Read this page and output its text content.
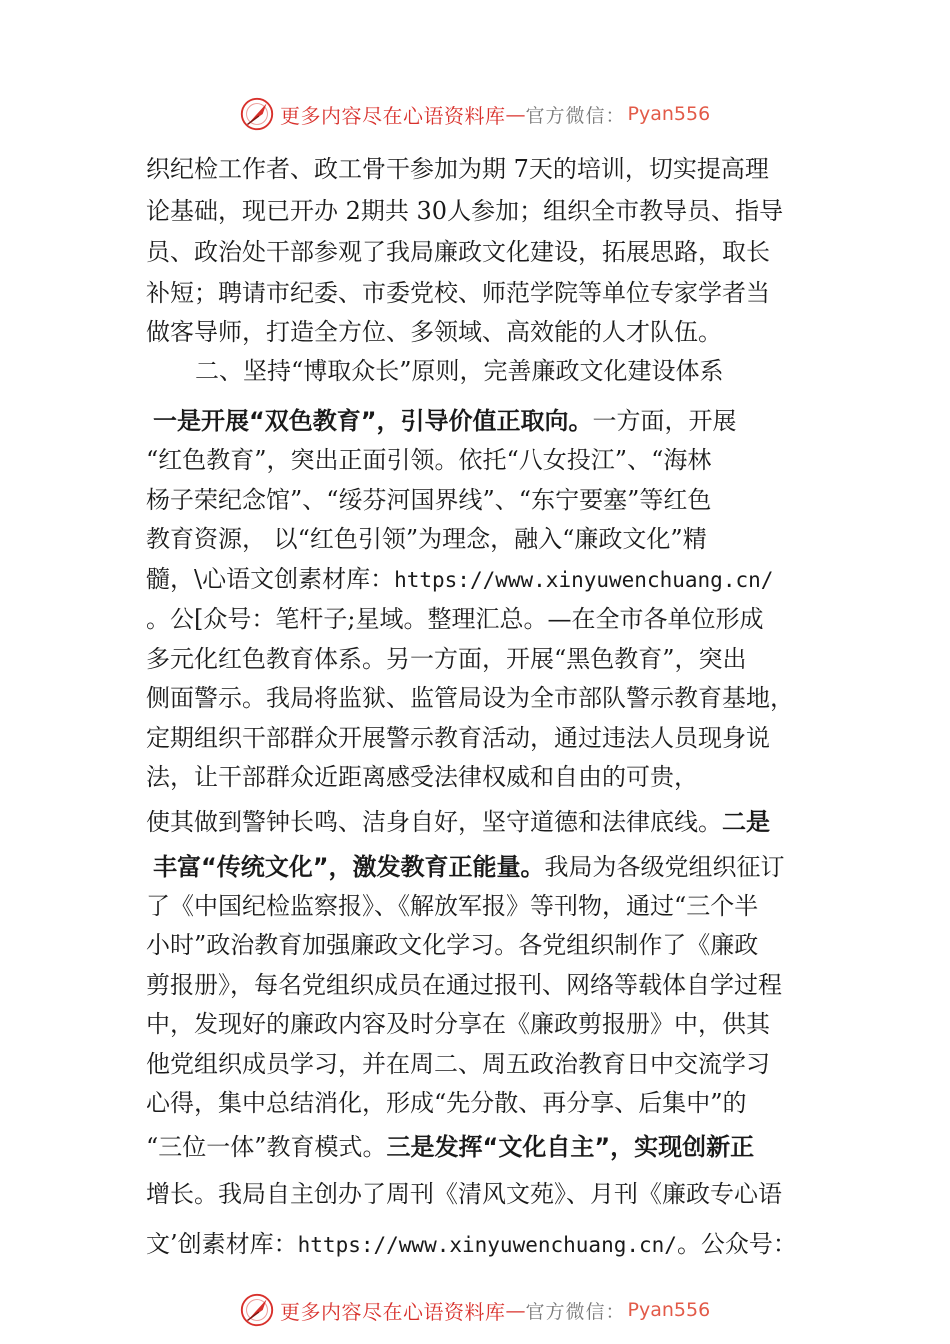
更多内容尽在心语资料库 — 官方微信： Pyan556
织纪检工作者、政工骨干参加为期 7天的培训，切实提高理
论基础，现已开办 2期共 30人参加；组织全市教导员、指导
员、政治处干部参观了我局廉政文化建设，拓展思路，取长
补短；聘请市纪委、市委党校、师范学院等单位专家学者当
做客导师，打造全方位、多领域、高效能的人才队伍。
二、坚持“博取众长”原则，完善廉政文化建设体系
一是开展“双色教育”，引导价值正取向。一方面，开展
“红色教育”，突出正面引领。依托“八女投江”、“海林
杨子荣纪念馆”、“绥芬河国界线”、“东宁要塞”等红色
教育资源， 以“红色引领”为理念，融入“廉政文化”精
髓，\心语文创素材库：https://www.xinyuwenchuang.cn/
。公[众号：笔杆子;星域。整理汇总。—在全市各单位形成
多元化红色教育体系。另一方面，开展“黑色教育”，突出
侧面警示。我局将监狱、监管局设为全市部队警示教育基地，
定期组织干部群众开展警示教育活动，通过违法人员现身说
法，让干部群众近距离感受法律权威和自由的可贵，
使其做到警钟长鸣、洁身自好，坚守道德和法律底线。二是
丰富“传统文化”，激发教育正能量。我局为各级党组织征订
了《中国纪检监察报》、《解放军报》等刊物，通过“三个半
小时”政治教育加强廉政文化学习。各党组织制作了《廉政
剪报册》，每名党组织成员在通过报刊、网络等载体自学过程
中，发现好的廉政内容及时分享在《廉政剪报册》中，供其
他党组织成员学习，并在周二、周五政治教育日中交流学习
心得，集中总结消化，形成“先分散、再分享、后集中”的
“三位一体”教育模式。三是发挥“文化自主”，实现创新正
增长。我局自主创办了周刊《清风文苑》、月刊《廉政专心语
文’创素材库：https://www.xinyuwenchuang.cn/。公众号：
更多内容尽在心语资料库 — 官方微信： Pyan556
